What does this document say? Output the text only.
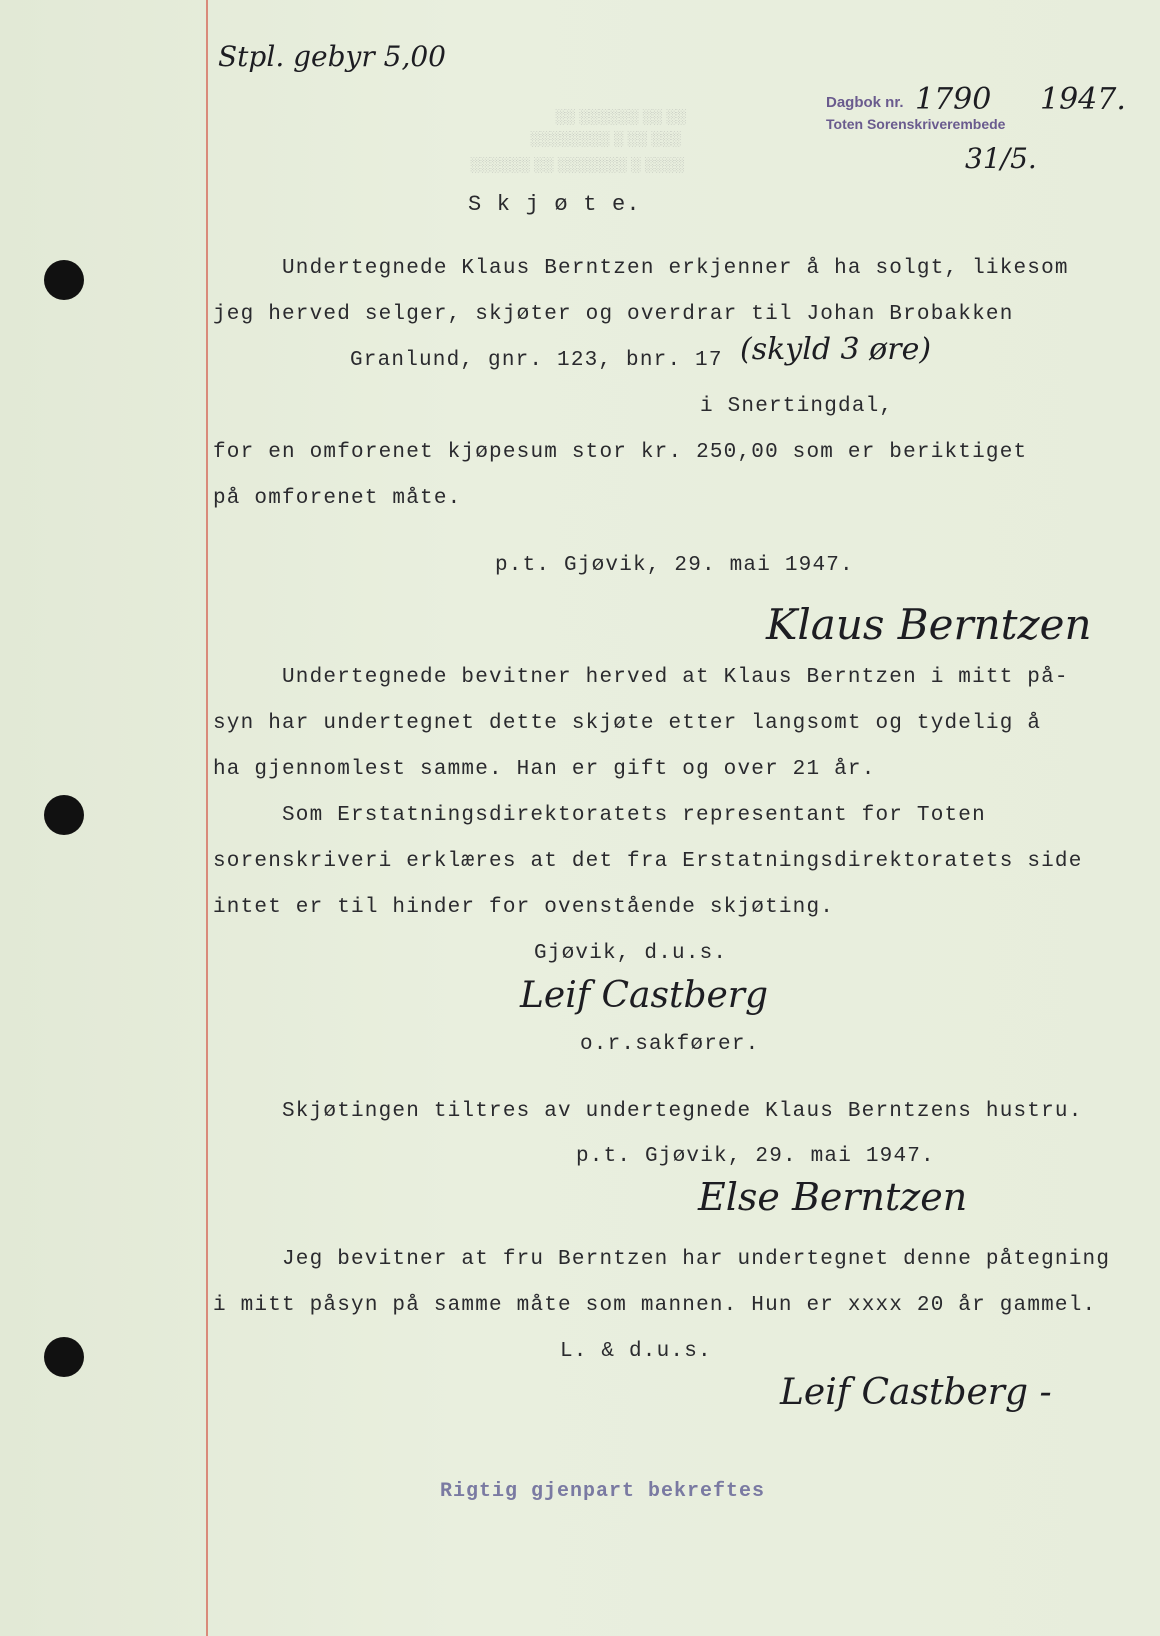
Stpl. gebyr 5,00
░░ ░░░░░░ ░░ ░░
░░░░░░░░ ░ ░░ ░░░
░░░░░░ ░░ ░░░░░░░ ░ ░░░░
Dagbok nr. 1790 1947.
Toten Sorenskriverembede
31/5.
S k j ø t e.
Undertegnede Klaus Berntzen erkjenner å ha solgt, likesom
jeg herved selger, skjøter og overdrar til Johan Brobakken
Granlund, gnr. 123, bnr. 17 (skyld 3 øre)
i Snertingdal,
for en omforenet kjøpesum stor kr. 250,00 som er beriktiget
på omforenet måte.
p.t. Gjøvik, 29. mai 1947.
Klaus Berntzen
Undertegnede bevitner herved at Klaus Berntzen i mitt på-
syn har undertegnet dette skjøte etter langsomt og tydelig å
ha gjennomlest samme. Han er gift og over 21 år.
Som Erstatningsdirektoratets representant for Toten
sorenskriveri erklæres at det fra Erstatningsdirektoratets side
intet er til hinder for ovenstående skjøting.
Gjøvik, d.u.s.
Leif Castberg
o.r.sakfører.
Skjøtingen tiltres av undertegnede Klaus Berntzens hustru.
p.t. Gjøvik, 29. mai 1947.
Else Berntzen
Jeg bevitner at fru Berntzen har undertegnet denne påtegning
i mitt påsyn på samme måte som mannen. Hun er xxxx 20 år gammel.
L. & d.u.s.
Leif Castberg -
Rigtig gjenpart bekreftes
